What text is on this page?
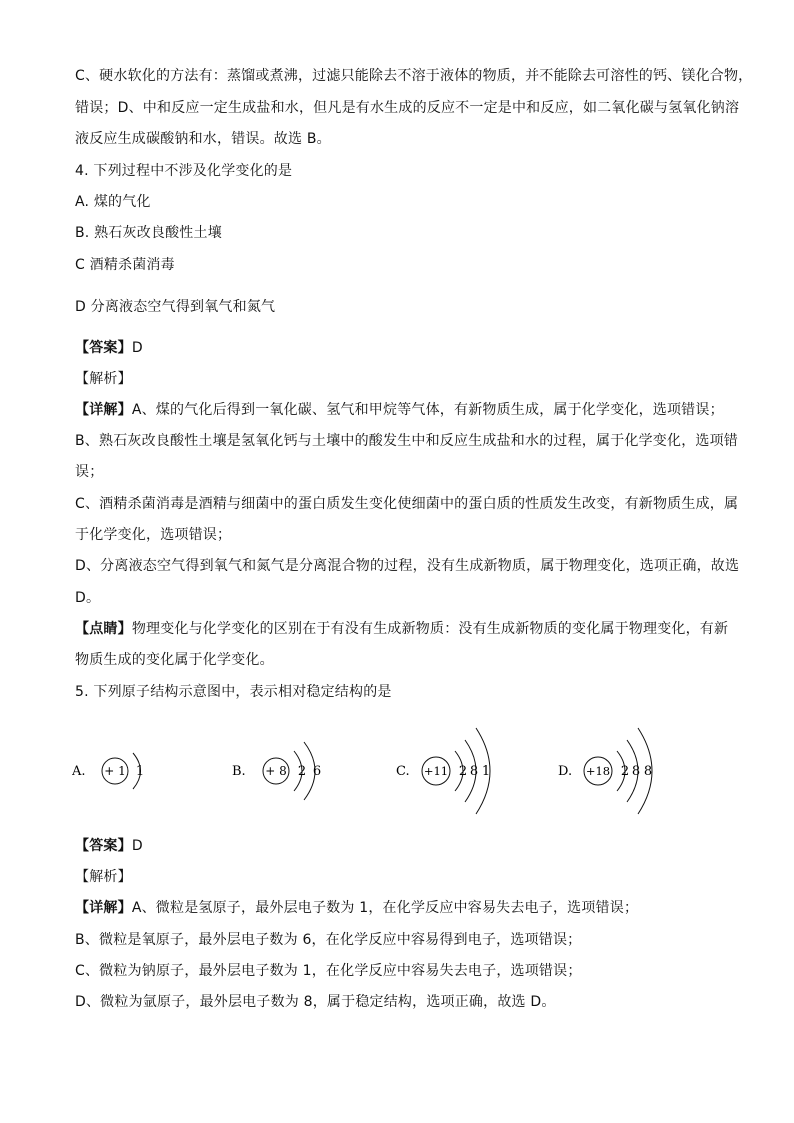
C、硬水软化的方法有：蒸馏或煮沸，过滤只能除去不溶于液体的物质，并不能除去可溶性的钙、镁化合物，
错误；D、中和反应一定生成盐和水，但凡是有水生成的反应不一定是中和反应，如二氧化碳与氢氧化钠溶
液反应生成碳酸钠和水，错误。故选 B。
4. 下列过程中不涉及化学变化的是
A. 煤的气化
B. 熟石灰改良酸性土壤
C 酒精杀菌消毒
D 分离液态空气得到氧气和氮气
【答案】D
【解析】
【详解】A、煤的气化后得到一氧化碳、氢气和甲烷等气体，有新物质生成，属于化学变化，选项错误；
B、熟石灰改良酸性土壤是氢氧化钙与土壤中的酸发生中和反应生成盐和水的过程，属于化学变化，选项错
误；
C、酒精杀菌消毒是酒精与细菌中的蛋白质发生变化使细菌中的蛋白质的性质发生改变，有新物质生成，属
于化学变化，选项错误；
D、分离液态空气得到氧气和氮气是分离混合物的过程，没有生成新物质，属于物理变化，选项正确，故选
D。
【点睛】物理变化与化学变化的区别在于有没有生成新物质：没有生成新物质的变化属于物理变化，有新
物质生成的变化属于化学变化。
5. 下列原子结构示意图中，表示相对稳定结构的是
A. + 1 1	B. + 8 2 6	C. +11 2 8 1	D. +18 2 8 8
【答案】D
【解析】
【详解】A、微粒是氢原子，最外层电子数为 1，在化学反应中容易失去电子，选项错误；
B、微粒是氧原子，最外层电子数为 6，在化学反应中容易得到电子，选项错误；
C、微粒为钠原子，最外层电子数为 1，在化学反应中容易失去电子，选项错误；
D、微粒为氩原子，最外层电子数为 8，属于稳定结构，选项正确，故选 D。
